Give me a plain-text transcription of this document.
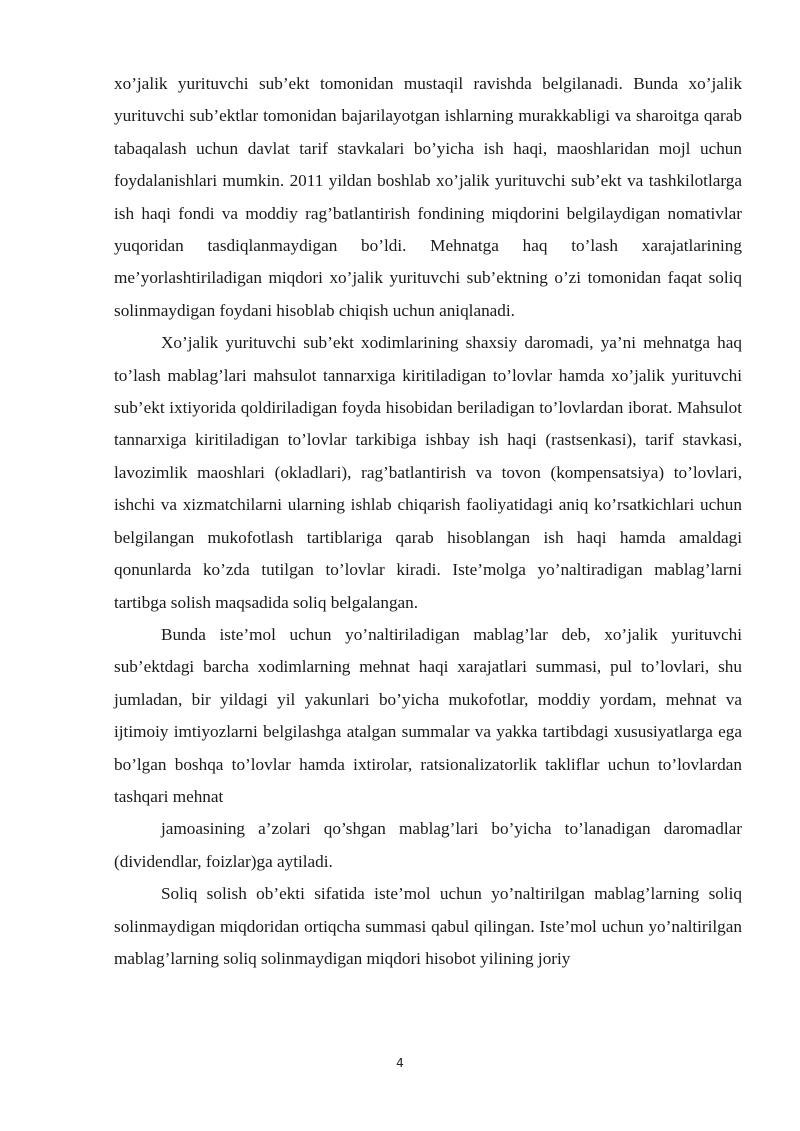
xo’jalik yurituvchi sub’ekt tomonidan mustaqil ravishda belgilanadi. Bunda xo’jalik yurituvchi sub’ektlar tomonidan bajarilayotgan ishlarning murakkabligi va sharoitga qarab tabaqalash uchun davlat tarif stavkalari bo’yicha ish haqi, maoshlaridan mojl uchun foydalanishlari mumkin. 2011 yildan boshlab xo’jalik yurituvchi sub’ekt va tashkilotlarga ish haqi fondi va moddiy rag’batlantirish fondining miqdorini belgilaydigan nomativlar yuqoridan tasdiqlanmaydigan bo’ldi. Mehnatga haq to’lash xarajatlarining me’yorlashtiriladigan miqdori xo’jalik yurituvchi sub’ektning o’zi tomonidan faqat soliq solinmaydigan foydani hisoblab chiqish uchun aniqlanadi.

Xo’jalik yurituvchi sub’ekt xodimlarining shaxsiy daromadi, ya’ni mehnatga haq to’lash mablag’lari mahsulot tannarxiga kiritiladigan to’lovlar hamda xo’jalik yurituvchi sub’ekt ixtiyorida qoldiriladigan foyda hisobidan beriladigan to’lovlardan iborat. Mahsulot tannarxiga kiritiladigan to’lovlar tarkibiga ishbay ish haqi (rastsenkasi), tarif stavkasi, lavozimlik maoshlari (okladlari), rag’batlantirish va tovon (kompensatsiya) to’lovlari, ishchi va xizmatchilarni ularning ishlab chiqarish faoliyatidagi aniq ko’rsatkichlari uchun belgilangan mukofotlash tartiblariga qarab hisoblangan ish haqi hamda amaldagi qonunlarda ko’zda tutilgan to’lovlar kiradi. Iste’molga yo’naltiradigan mablag’larni tartibga solish maqsadida soliq belgalangan.

Bunda iste’mol uchun yo’naltiriladigan mablag’lar deb, xo’jalik yurituvchi sub’ektdagi barcha xodimlarning mehnat haqi xarajatlari summasi, pul to’lovlari, shu jumladan, bir yildagi yil yakunlari bo’yicha mukofotlar, moddiy yordam, mehnat va ijtimoiy imtiyozlarni belgilashga atalgan summalar va yakka tartibdagi xususiyatlarga ega bo’lgan boshqa to’lovlar hamda ixtirolar, ratsionalizatorlik takliflar uchun to’lovlardan tashqari mehnat

jamoasining a’zolari qo’shgan mablag’lari bo’yicha to’lanadigan daromadlar (dividendlar, foizlar)ga aytiladi.

Soliq solish ob’ekti sifatida iste’mol uchun yo’naltirilgan mablag’larning soliq solinmaydigan miqdoridan ortiqcha summasi qabul qilingan. Iste’mol uchun yo’naltirilgan mablag’larning soliq solinmaydigan miqdori hisobot yilining joriy

4
